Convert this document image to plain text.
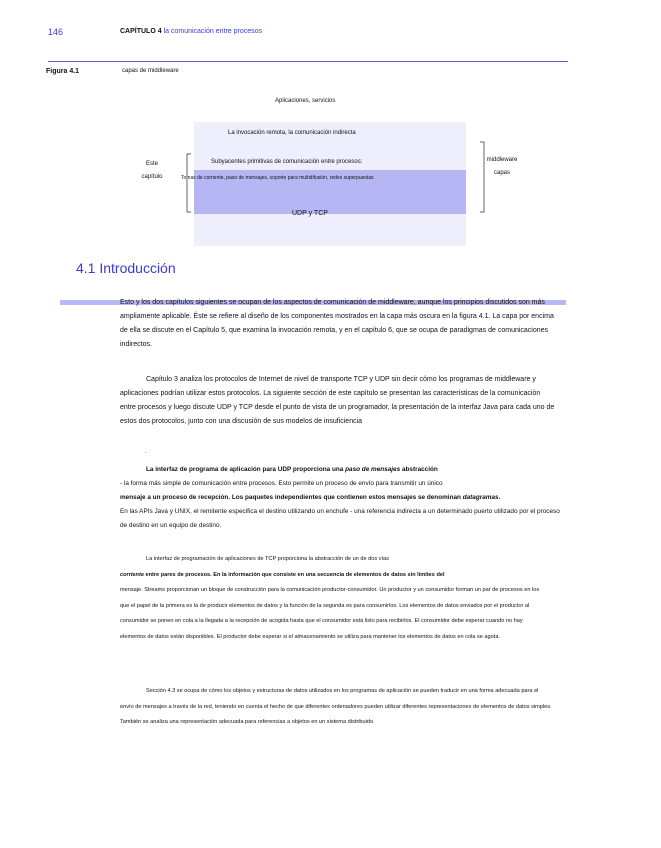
146	CAPÍTULO 4 la comunicación entre procesos
Figura 4.1	capas de middleware
Aplicaciones, servicios
La invocación remota, la comunicación indirecta
Subyacentes primitivas de comunicación entre procesos:
Tomas de corriente, paso de mensajes, soporte para multidifusión, redes superpuestas
UDP y TCP
Este
capítulo
middleware
capas
4.1 Introducción

Esto y los dos capítulos siguientes se ocupan de los aspectos de comunicación de middleware, aunque los principios discutidos son más ampliamente aplicable. Éste se refiere al diseño de los componentes mostrados en la capa más oscura en la figura 4.1. La capa por encima de ella se discute en el Capítulo 5, que examina la invocación remota, y en el capítulo 6, que se ocupa de paradigmas de comunicaciones indirectos.

Capítulo 3 analiza los protocolos de Internet de nivel de transporte TCP y UDP sin decir cómo los programas de middleware y aplicaciones podrían utilizar estos protocolos. La siguiente sección de este capítulo se presentan las características de la comunicación entre procesos y luego discute UDP y TCP desde el punto de vista de un programador, la presentación de la interfaz Java para cada uno de estos dos protocolos, junto con una discusión de sus modelos de insuficiencia

.

La interfaz de programa de aplicación para UDP proporciona una paso de mensajes abstracción
- la forma más simple de comunicación entre procesos. Esto permite un proceso de envío para transmitir un único
mensaje a un proceso de recepción. Los paquetes independientes que contienen estos mensajes se denominan datagramas.
En las APIs Java y UNIX, el remitente especifica el destino utilizando un enchufe - una referencia indirecta a un determinado puerto utilizado por el proceso de destino en un equipo de destino.

La interfaz de programación de aplicaciones de TCP proporciona la abstracción de un de dos vías
corriente entre pares de procesos. En la información que consiste en una secuencia de elementos de datos sin límites del
mensaje. Streams proporcionan un bloque de construcción para la comunicación productor-consumidor. Un productor y un consumidor forman un par de procesos en los que el papel de la primera es la de producir elementos de datos y la función de la segunda es para consumirlos. Los elementos de datos enviados por el productor al consumidor se ponen en cola a la llegada a la recepción de acogida hasta que el consumidor está listo para recibirlos. El consumidor debe esperar cuando no hay elementos de datos están disponibles. El productor debe esperar si el almacenamiento se utiliza para mantener los elementos de datos en cola se agota.

Sección 4.3 se ocupa de cómo los objetos y estructuras de datos utilizados en los programas de aplicación se pueden traducir en una forma adecuada para el envío de mensajes a través de la red, teniendo en cuenta el hecho de que diferentes ordenadores pueden utilizar diferentes representaciones de elementos de datos simples. También se analiza una representación adecuada para referencias a objetos en un sistema distribuido.
